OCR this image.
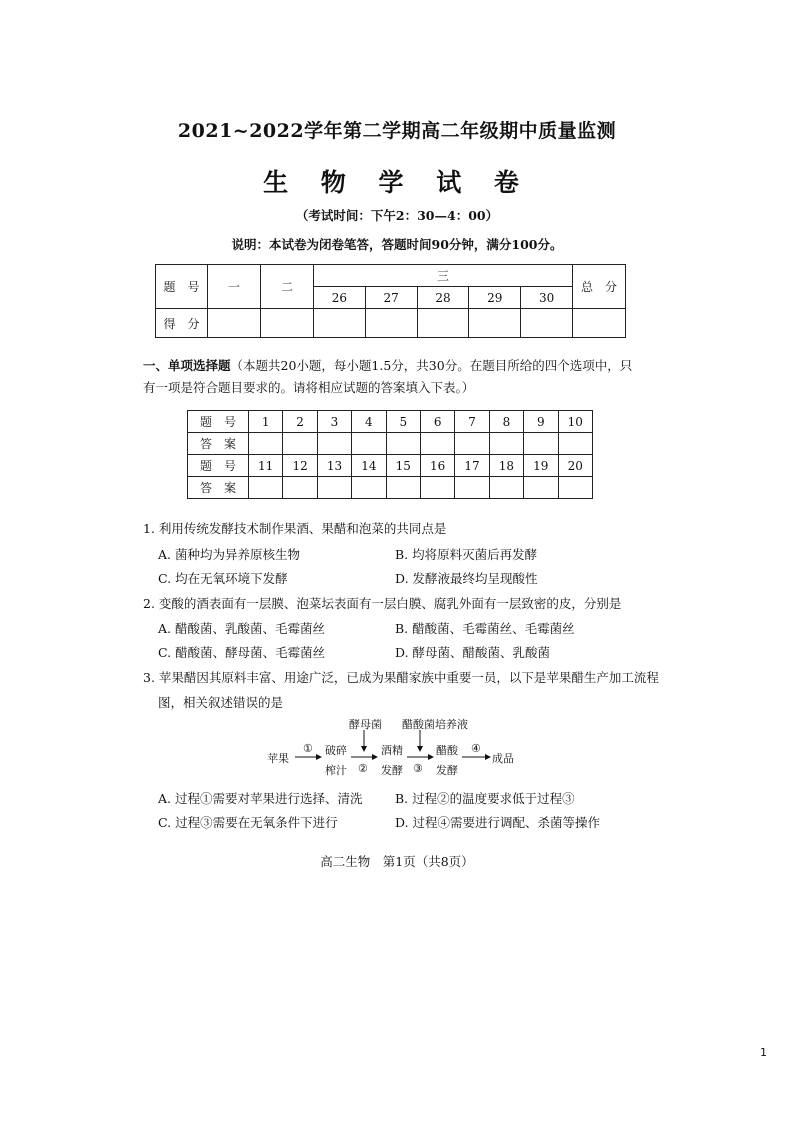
2021~2022学年第二学期高二年级期中质量监测
生 物 学 试 卷
（考试时间：下午2：30—4：00）
说明：本试卷为闭卷笔答，答题时间90分钟，满分100分。
题　号	一	二	三					总　分
			26	27	28	29	30	
得　分								
一、单项选择题（本题共20小题，每小题1.5分，共30分。在题目所给的四个选项中，只有一项是符合题目要求的。请将相应试题的答案填入下表。）
题　号	1	2	3	4	5	6	7	8	9	10
答　案										
题　号	11	12	13	14	15	16	17	18	19	20
答　案										
1. 利用传统发酵技术制作果酒、果醋和泡菜的共同点是
A. 菌种均为异养原核生物	B. 均将原料灭菌后再发酵
C. 均在无氧环境下发酵	D. 发酵液最终均呈现酸性
2. 变酸的酒表面有一层膜、泡菜坛表面有一层白膜、腐乳外面有一层致密的皮，分别是
A. 醋酸菌、乳酸菌、毛霉菌丝	B. 醋酸菌、毛霉菌丝、毛霉菌丝
C. 醋酸菌、酵母菌、毛霉菌丝	D. 酵母菌、醋酸菌、乳酸菌
3. 苹果醋因其原料丰富、用途广泛，已成为果醋家族中重要一员，以下是苹果醋生产加工流程
图，相关叙述错误的是
苹果
① 破碎
榨汁
酵母菌
②
酒精
发酵
醋酸菌培养液
③
醋酸
发酵
④
成品
A. 过程①需要对苹果进行选择、清洗	B. 过程②的温度要求低于过程③
C. 过程③需要在无氧条件下进行	D. 过程④需要进行调配、杀菌等操作
高二生物　第1页（共8页）
1
